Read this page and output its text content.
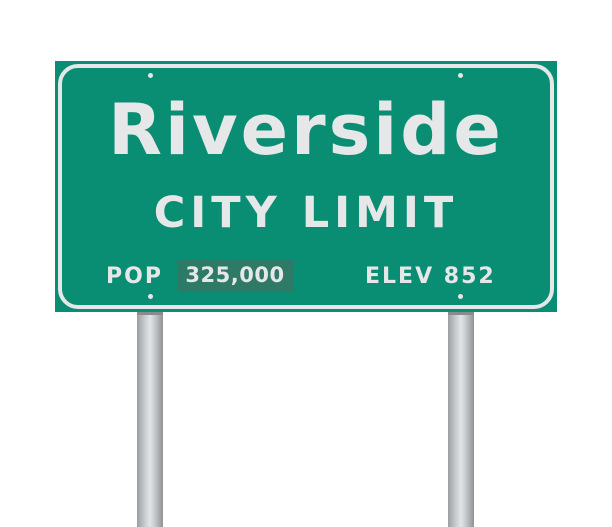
Riverside
CITY LIMIT
POP	325,000	ELEV 852
